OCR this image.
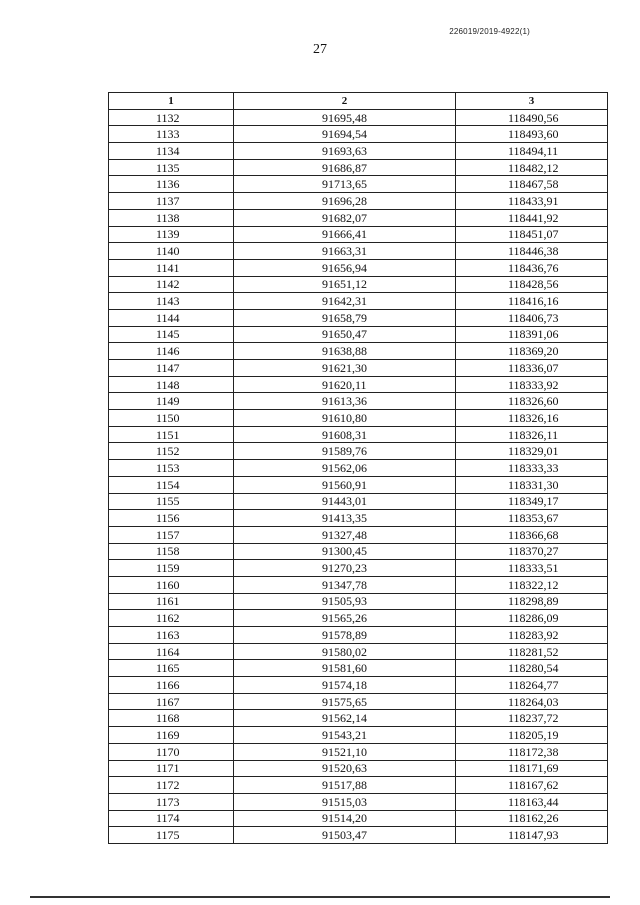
226019/2019-4922(1)
27
1	2	3
1132	91695,48	118490,56
1133	91694,54	118493,60
1134	91693,63	118494,11
1135	91686,87	118482,12
1136	91713,65	118467,58
1137	91696,28	118433,91
1138	91682,07	118441,92
1139	91666,41	118451,07
1140	91663,31	118446,38
1141	91656,94	118436,76
1142	91651,12	118428,56
1143	91642,31	118416,16
1144	91658,79	118406,73
1145	91650,47	118391,06
1146	91638,88	118369,20
1147	91621,30	118336,07
1148	91620,11	118333,92
1149	91613,36	118326,60
1150	91610,80	118326,16
1151	91608,31	118326,11
1152	91589,76	118329,01
1153	91562,06	118333,33
1154	91560,91	118331,30
1155	91443,01	118349,17
1156	91413,35	118353,67
1157	91327,48	118366,68
1158	91300,45	118370,27
1159	91270,23	118333,51
1160	91347,78	118322,12
1161	91505,93	118298,89
1162	91565,26	118286,09
1163	91578,89	118283,92
1164	91580,02	118281,52
1165	91581,60	118280,54
1166	91574,18	118264,77
1167	91575,65	118264,03
1168	91562,14	118237,72
1169	91543,21	118205,19
1170	91521,10	118172,38
1171	91520,63	118171,69
1172	91517,88	118167,62
1173	91515,03	118163,44
1174	91514,20	118162,26
1175	91503,47	118147,93
